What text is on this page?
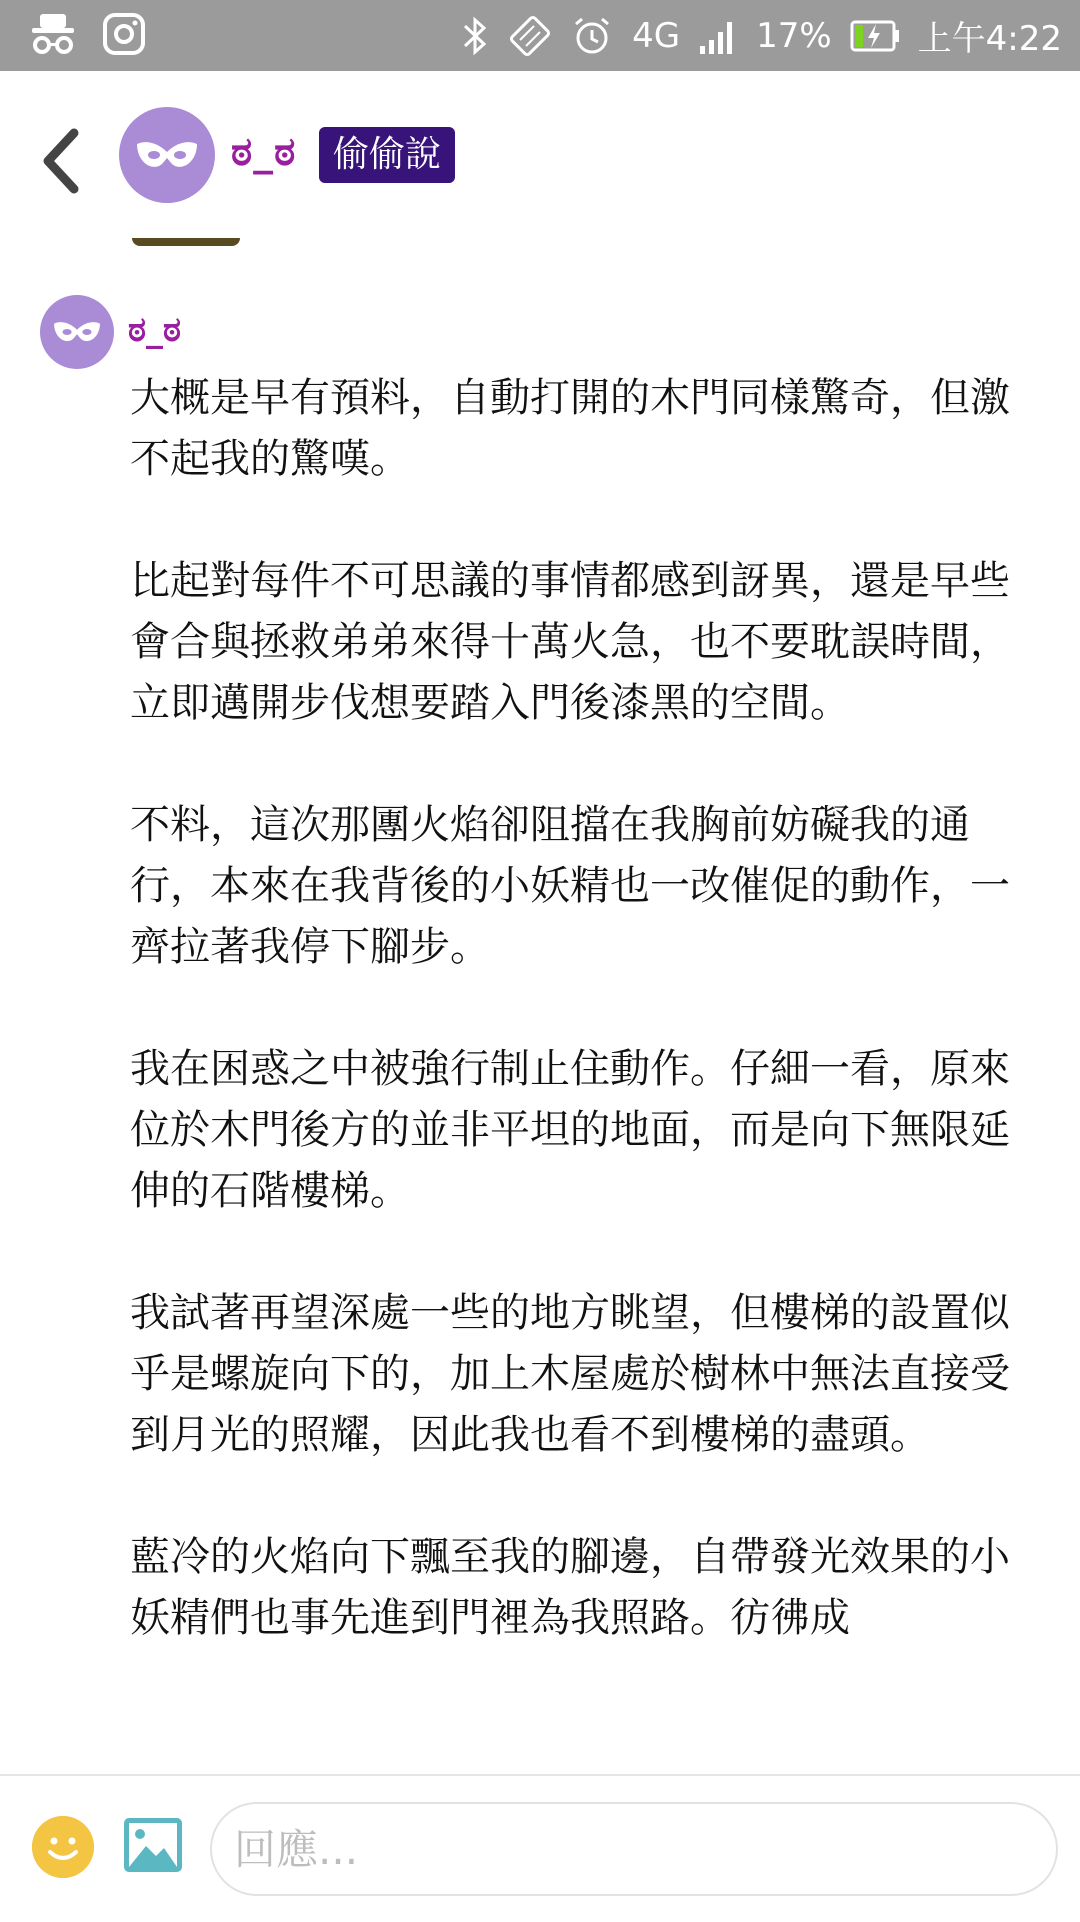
4G 17%	上午4:22
ಠ_ಠ	偷偷說
ಠ_ಠ

大概是早有預料，自動打開的木門同樣驚奇，但激不起我的驚嘆。

比起對每件不可思議的事情都感到訝異，還是早些會合與拯救弟弟來得十萬火急，也不要耽誤時間，立即邁開步伐想要踏入門後漆黑的空間。

不料，這次那團火焰卻阻擋在我胸前妨礙我的通行，本來在我背後的小妖精也一改催促的動作，一齊拉著我停下腳步。

我在困惑之中被強行制止住動作。仔細一看，原來位於木門後方的並非平坦的地面，而是向下無限延伸的石階樓梯。

我試著再望深處一些的地方眺望，但樓梯的設置似乎是螺旋向下的，加上木屋處於樹林中無法直接受到月光的照耀，因此我也看不到樓梯的盡頭。

藍冷的火焰向下飄至我的腳邊，自帶發光效果的小妖精們也事先進到門裡為我照路。彷彿成

回應...
